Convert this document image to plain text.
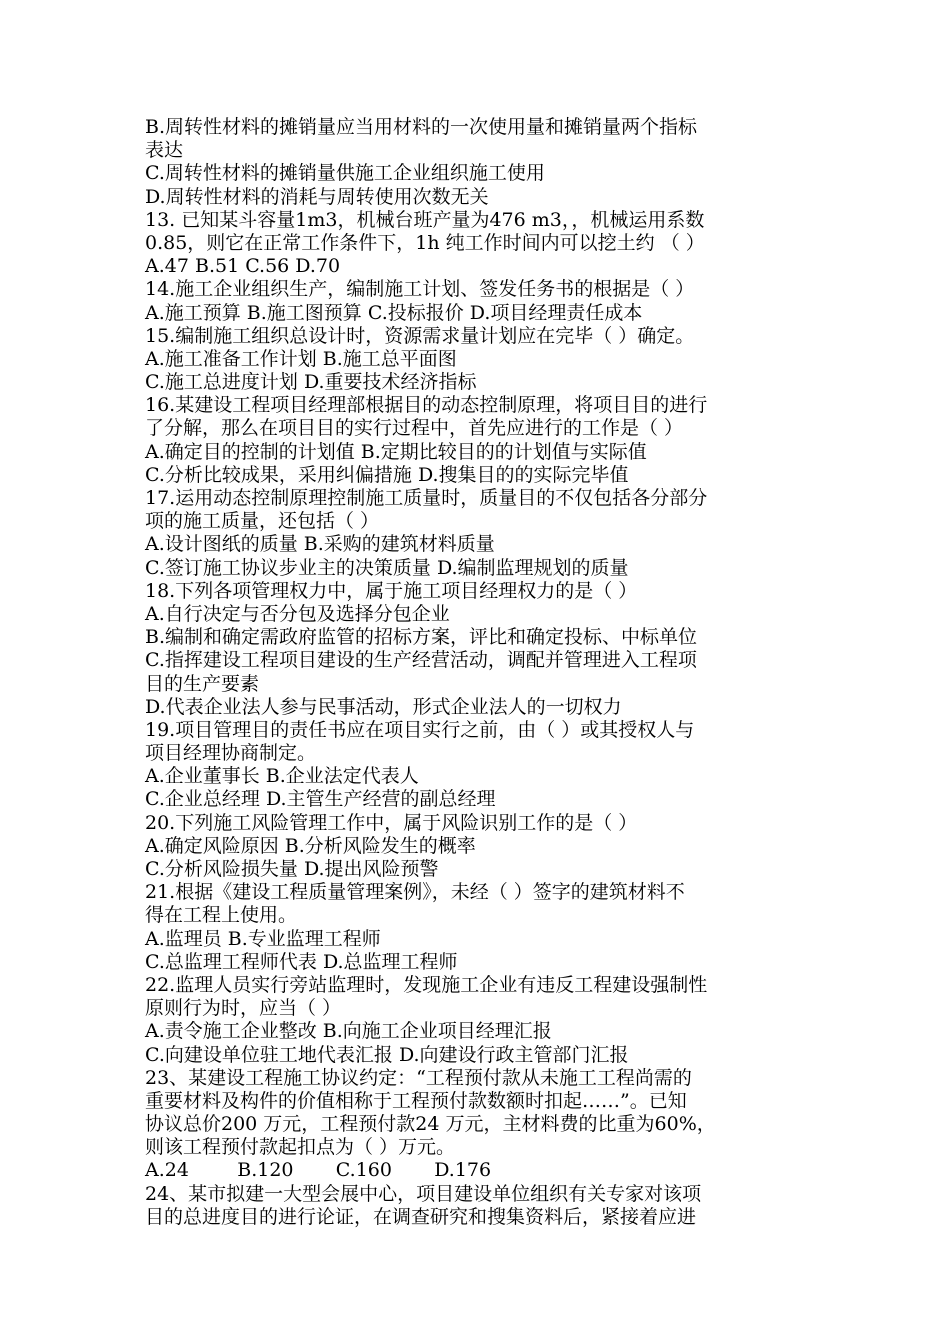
B.周转性材料的摊销量应当用材料的一次使用量和摊销量两个指标
表达
C.周转性材料的摊销量供施工企业组织施工使用
D.周转性材料的消耗与周转使用次数无关
13. 已知某斗容量1m3，机械台班产量为476 m3，，机械运用系数
0.85，则它在正常工作条件下，1h 纯工作时间内可以挖土约 （ ）
A.47 B.51 C.56 D.70
14.施工企业组织生产，编制施工计划、签发任务书的根据是（ ）
A.施工预算 B.施工图预算 C.投标报价 D.项目经理责任成本
15.编制施工组织总设计时，资源需求量计划应在完毕（ ）确定。
A.施工准备工作计划 B.施工总平面图
C.施工总进度计划 D.重要技术经济指标
16.某建设工程项目经理部根据目的动态控制原理，将项目目的进行
了分解，那么在项目目的实行过程中，首先应进行的工作是（ ）
A.确定目的控制的计划值 B.定期比较目的的计划值与实际值
C.分析比较成果，采用纠偏措施 D.搜集目的的实际完毕值
17.运用动态控制原理控制施工质量时，质量目的不仅包括各分部分
项的施工质量，还包括（ ）
A.设计图纸的质量 B.采购的建筑材料质量
C.签订施工协议步业主的决策质量 D.编制监理规划的质量
18.下列各项管理权力中，属于施工项目经理权力的是（ ）
A.自行决定与否分包及选择分包企业
B.编制和确定需政府监管的招标方案，评比和确定投标、中标单位
C.指挥建设工程项目建设的生产经营活动，调配并管理进入工程项
目的生产要素
D.代表企业法人参与民事活动，形式企业法人的一切权力
19.项目管理目的责任书应在项目实行之前，由（ ）或其授权人与
项目经理协商制定。
A.企业董事长 B.企业法定代表人
C.企业总经理 D.主管生产经营的副总经理
20.下列施工风险管理工作中，属于风险识别工作的是（ ）
A.确定风险原因 B.分析风险发生的概率
C.分析风险损失量 D.提出风险预警
21.根据《建设工程质量管理案例》，未经（ ）签字的建筑材料不
得在工程上使用。
A.监理员 B.专业监理工程师
C.总监理工程师代表 D.总监理工程师
22.监理人员实行旁站监理时，发现施工企业有违反工程建设强制性
原则行为时，应当（ ）
A.责令施工企业整改 B.向施工企业项目经理汇报
C.向建设单位驻工地代表汇报 D.向建设行政主管部门汇报
23、某建设工程施工协议约定：“工程预付款从未施工工程尚需的
重要材料及构件的价值相称于工程预付款数额时扣起……”。已知
协议总价200 万元，工程预付款24 万元，主材料费的比重为60%，
则该工程预付款起扣点为（ ）万元。
A.24        B.120       C.160       D.176
24、某市拟建一大型会展中心，项目建设单位组织有关专家对该项
目的总进度目的进行论证，在调查研究和搜集资料后，紧接着应进
